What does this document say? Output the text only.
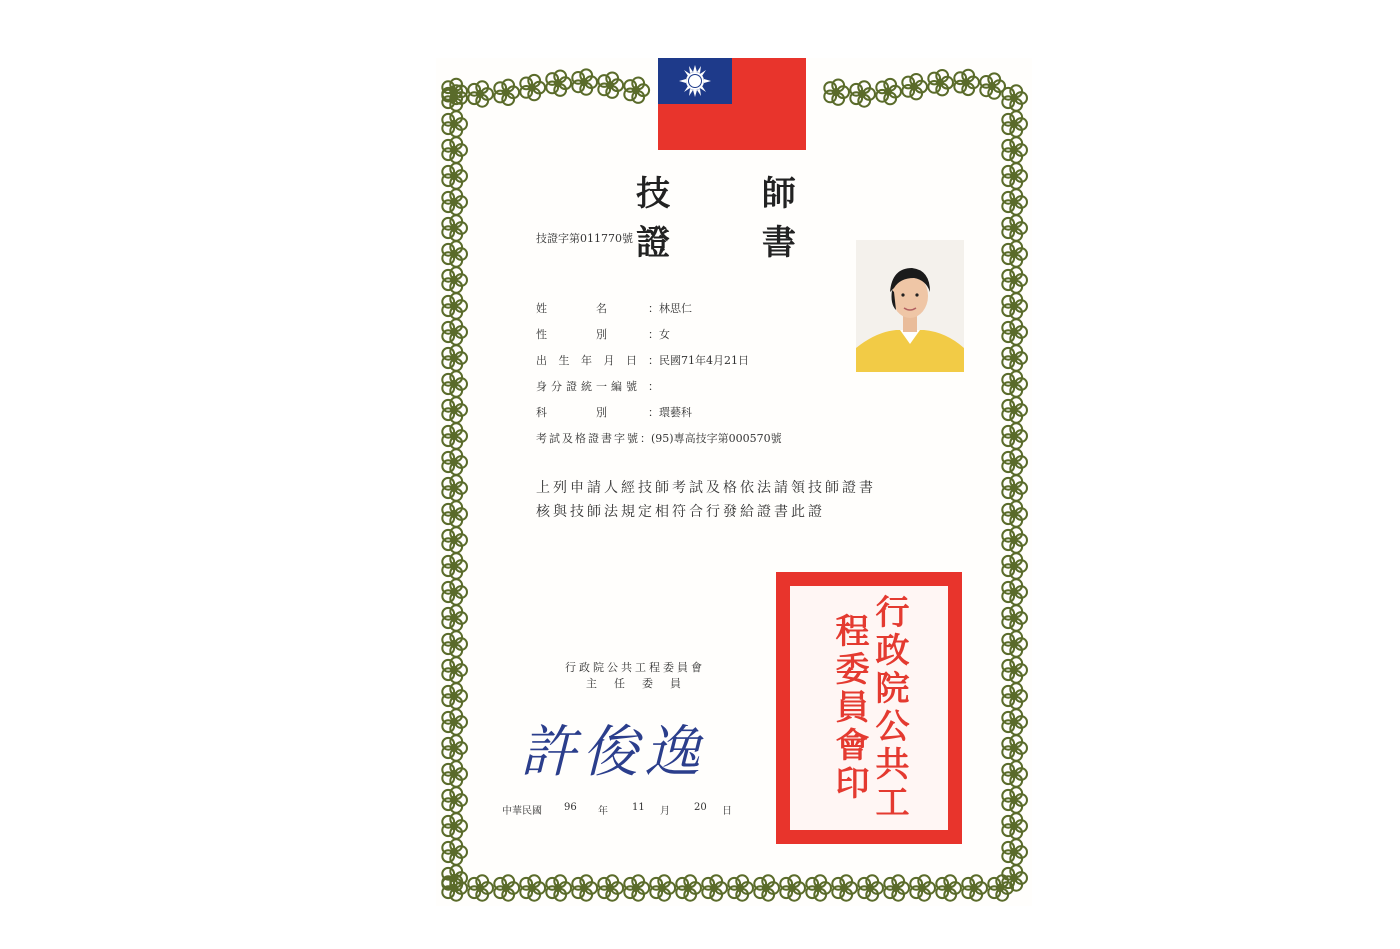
技 師 證 書
技證字第011770號
姓　　　名	：林思仁
性　　　別	：女
出 生 年 月 日 ：民國71年4月21日
身分證統一編號 ：
科　　　別	：環藝科
考試及格證書字號 ：(95)專高技字第000570號
上列申請人經技師考試及格依法請領技師證書
核與技師法規定相符合行發給證書此證
行政院公共工程委員會
主　任　委　員
許俊逸
中華民國	96	年	11	月	20	日	行政院公共工程委員會印
